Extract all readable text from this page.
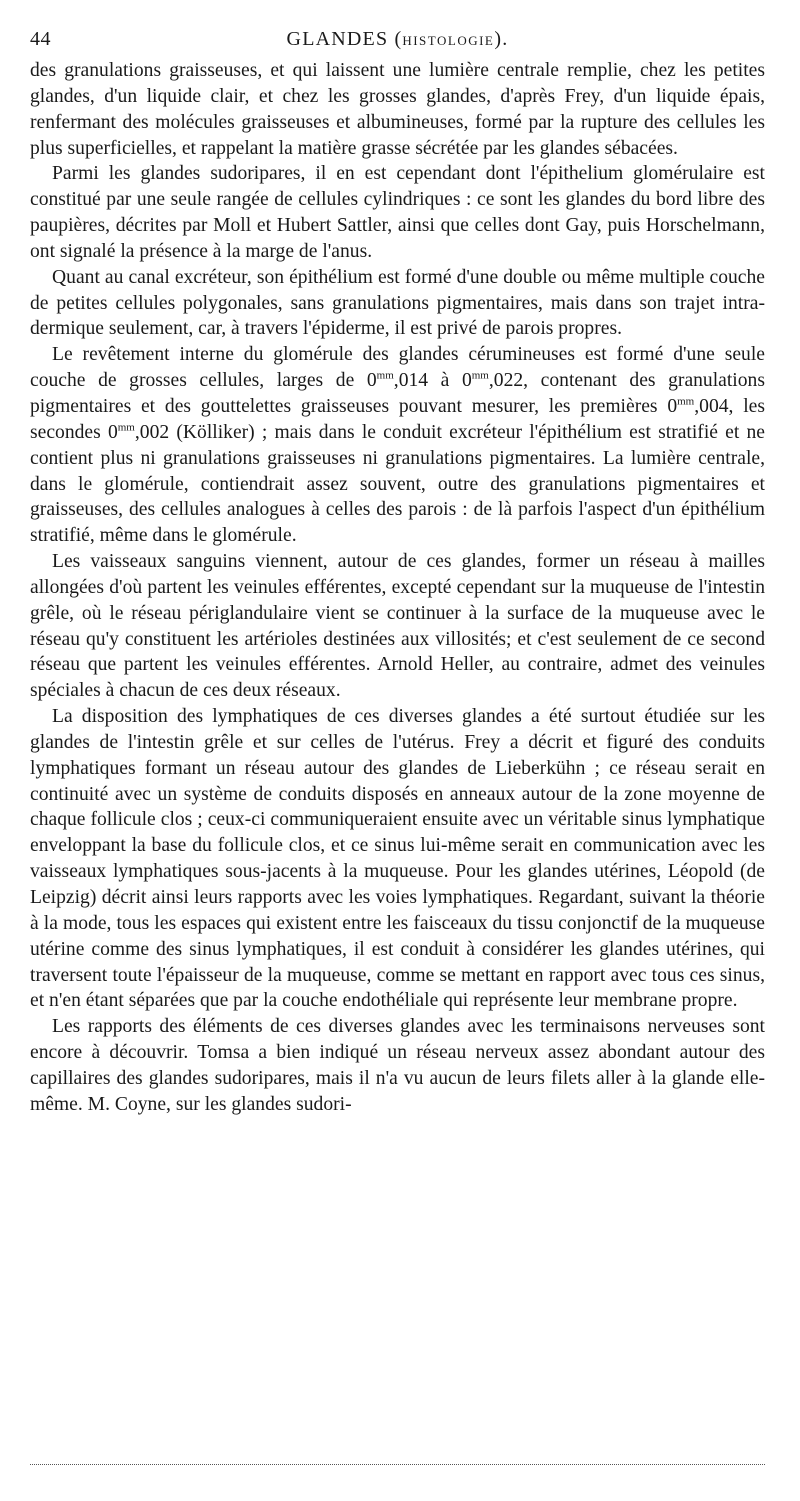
44	GLANDES (HISTOLOGIE).

des granulations graisseuses, et qui laissent une lumière centrale remplie, chez les petites glandes, d'un liquide clair, et chez les grosses glandes, d'après Frey, d'un liquide épais, renfermant des molécules graisseuses et albumineuses, formé par la rupture des cellules les plus superficielles, et rappelant la matière grasse sécrétée par les glandes sébacées.

Parmi les glandes sudoripares, il en est cependant dont l'épithelium glomérulaire est constitué par une seule rangée de cellules cylindriques : ce sont les glandes du bord libre des paupières, décrites par Moll et Hubert Sattler, ainsi que celles dont Gay, puis Horschelmann, ont signalé la présence à la marge de l'anus.

Quant au canal excréteur, son épithélium est formé d'une double ou même multiple couche de petites cellules polygonales, sans granulations pigmentaires, mais dans son trajet intra-dermique seulement, car, à travers l'épiderme, il est privé de parois propres.

Le revêtement interne du glomérule des glandes cérumineuses est formé d'une seule couche de grosses cellules, larges de $0^{mm},014$ à $0^{mm},022$, contenant des granulations pigmentaires et des gouttelettes graisseuses pouvant mesurer, les premières $0^{mm},004$, les secondes $0^{mm},002$ (Kölliker) ; mais dans le conduit excréteur l'épithélium est stratifié et ne contient plus ni granulations graisseuses ni granulations pigmentaires. La lumière centrale, dans le glomérule, contiendrait assez souvent, outre des granulations pigmentaires et graisseuses, des cellules analogues à celles des parois : de là parfois l'aspect d'un épithélium stratifié, même dans le glomérule.

Les vaisseaux sanguins viennent, autour de ces glandes, former un réseau à mailles allongées d'où partent les veinules efférentes, excepté cependant sur la muqueuse de l'intestin grêle, où le réseau périglandulaire vient se continuer à la surface de la muqueuse avec le réseau qu'y constituent les artérioles destinées aux villosités; et c'est seulement de ce second réseau que partent les veinules efférentes. Arnold Heller, au contraire, admet des veinules spéciales à chacun de ces deux réseaux.

La disposition des lymphatiques de ces diverses glandes a été surtout étudiée sur les glandes de l'intestin grêle et sur celles de l'utérus. Frey a décrit et figuré des conduits lymphatiques formant un réseau autour des glandes de Lieberkühn ; ce réseau serait en continuité avec un système de conduits disposés en anneaux autour de la zone moyenne de chaque follicule clos ; ceux-ci communiqueraient ensuite avec un véritable sinus lymphatique enveloppant la base du follicule clos, et ce sinus lui-même serait en communication avec les vaisseaux lymphatiques sous-jacents à la muqueuse. Pour les glandes utérines, Léopold (de Leipzig) décrit ainsi leurs rapports avec les voies lymphatiques. Regardant, suivant la théorie à la mode, tous les espaces qui existent entre les faisceaux du tissu conjonctif de la muqueuse utérine comme des sinus lymphatiques, il est conduit à considérer les glandes utérines, qui traversent toute l'épaisseur de la muqueuse, comme se mettant en rapport avec tous ces sinus, et n'en étant séparées que par la couche endothéliale qui représente leur membrane propre.

Les rapports des éléments de ces diverses glandes avec les terminaisons nerveuses sont encore à découvrir. Tomsa a bien indiqué un réseau nerveux assez abondant autour des capillaires des glandes sudoripares, mais il n'a vu aucun de leurs filets aller à la glande elle-même. M. Coyne, sur les glandes sudori-
